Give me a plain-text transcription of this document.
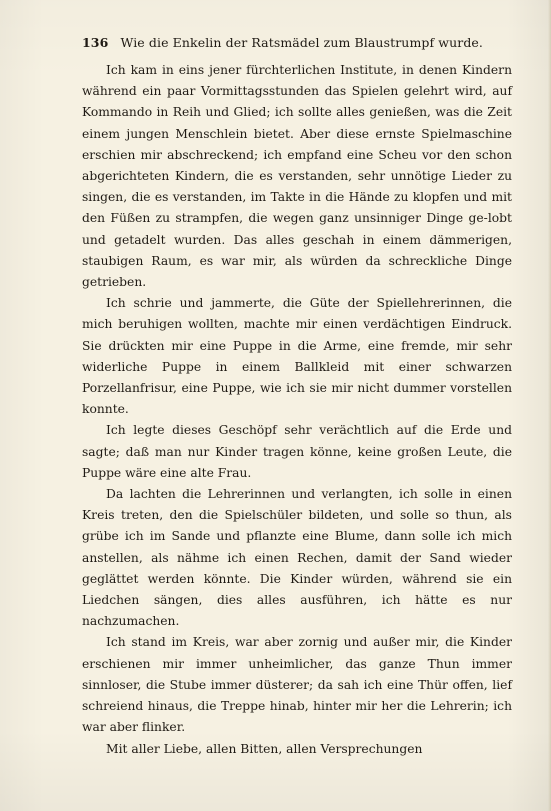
136 Wie die Enkelin der Ratsmädel zum Blaustrumpf wurde.

Ich kam in eins jener fürchterlichen Institute, in denen Kindern während ein paar Vormittagsstunden das Spielen gelehrt wird, auf Kommando in Reih und Glied; ich sollte alles genießen, was die Zeit einem jungen Menschlein bietet. Aber diese ernste Spielmaschine erschien mir abschreckend; ich empfand eine Scheu vor den schon abgerichteten Kindern, die es verstanden, sehr unnötige Lieder zu singen, die es verstanden, im Takte in die Hände zu klopfen und mit den Füßen zu strampfen, die wegen ganz unsinniger Dinge ge-lobt und getadelt wurden. Das alles geschah in einem dämmerigen, staubigen Raum, es war mir, als würden da schreckliche Dinge getrieben.

Ich schrie und jammerte, die Güte der Spiellehrerinnen, die mich beruhigen wollten, machte mir einen verdächtigen Eindruck. Sie drückten mir eine Puppe in die Arme, eine fremde, mir sehr widerliche Puppe in einem Ballkleid mit einer schwarzen Porzellanfrisur, eine Puppe, wie ich sie mir nicht dummer vorstellen konnte.

Ich legte dieses Geschöpf sehr verächtlich auf die Erde und sagte; daß man nur Kinder tragen könne, keine großen Leute, die Puppe wäre eine alte Frau.

Da lachten die Lehrerinnen und verlangten, ich solle in einen Kreis treten, den die Spielschüler bildeten, und solle so thun, als grübe ich im Sande und pflanzte eine Blume, dann solle ich mich anstellen, als nähme ich einen Rechen, damit der Sand wieder geglättet werden könnte. Die Kinder würden, während sie ein Liedchen sängen, dies alles ausführen, ich hätte es nur nachzumachen.

Ich stand im Kreis, war aber zornig und außer mir, die Kinder erschienen mir immer unheimlicher, das ganze Thun immer sinnloser, die Stube immer düsterer; da sah ich eine Thür offen, lief schreiend hinaus, die Treppe hinab, hinter mir her die Lehrerin; ich war aber flinker.

Mit aller Liebe, allen Bitten, allen Versprechungen
